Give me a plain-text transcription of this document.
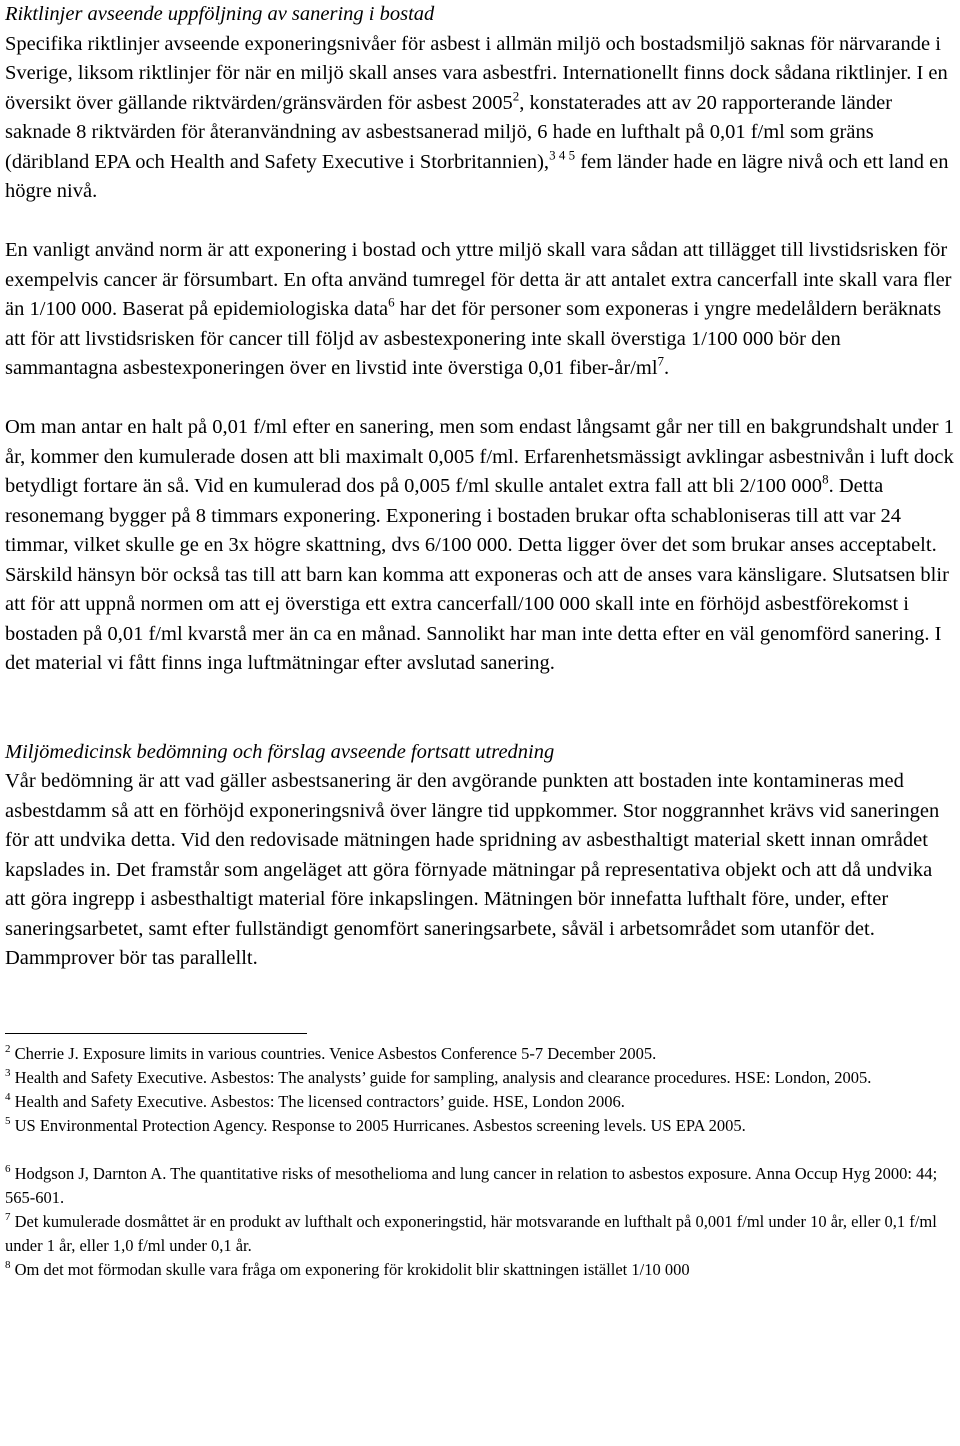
Riktlinjer avseende uppföljning av sanering i bostad

Specifika riktlinjer avseende exponeringsnivåer för asbest i allmän miljö och bostadsmiljö saknas för närvarande i Sverige, liksom riktlinjer för när en miljö skall anses vara asbestfri. Internationellt finns dock sådana riktlinjer. I en översikt över gällande riktvärden/gränsvärden för asbest 2005$^2$, konstaterades att av 20 rapporterande länder saknade 8 riktvärden för återanvändning av asbestsanerad miljö, 6 hade en lufthalt på 0,01 f/ml som gräns (däribland EPA och Health and Safety Executive i Storbritannien),$^{3 4 5}$ fem länder hade en lägre nivå och ett land en högre nivå.

En vanligt använd norm är att exponering i bostad och yttre miljö skall vara sådan att tillägget till livstidsrisken för exempelvis cancer är försumbart. En ofta använd tumregel för detta är att antalet extra cancerfall inte skall vara fler än 1/100 000. Baserat på epidemiologiska data$^6$ har det för personer som exponeras i yngre medelåldern beräknats att för att livstidsrisken för cancer till följd av asbestexponering inte skall överstiga 1/100 000 bör den sammantagna asbestexponeringen över en livstid inte överstiga 0,01 fiber-$år/ml^7$.

Om man antar en halt på 0,01 f/ml efter en sanering, men som endast långsamt går ner till en bakgrundshalt under 1 år, kommer den kumulerade dosen att bli maximalt 0,005 f/ml. Erfarenhetsmässigt avklingar asbestnivån i luft dock betydligt fortare än så. Vid en kumulerad dos på 0,005 f/ml skulle antalet extra fall att bli 2/100 $000^8$. Detta resonemang bygger på 8 timmars exponering. Exponering i bostaden brukar ofta schabloniseras till att var 24 timmar, vilket skulle ge en 3x högre skattning, dvs 6/100 000. Detta ligger över det som brukar anses acceptabelt. Särskild hänsyn bör också tas till att barn kan komma att exponeras och att de anses vara känsligare. Slutsatsen blir att för att uppnå normen om att ej överstiga ett extra cancerfall/100 000 skall inte en förhöjd asbestförekomst i bostaden på 0,01 f/ml kvarstå mer än ca en månad. Sannolikt har man inte detta efter en väl genomförd sanering. I det material vi fått finns inga luftmätningar efter avslutad sanering.

Miljömedicinsk bedömning och förslag avseende fortsatt utredning

Vår bedömning är att vad gäller asbestsanering är den avgörande punkten att bostaden inte kontamineras med asbestdamm så att en förhöjd exponeringsnivå över längre tid uppkommer. Stor noggrannhet krävs vid saneringen för att undvika detta. Vid den redovisade mätningen hade spridning av asbesthaltigt material skett innan området kapslades in. Det framstår som angeläget att göra förnyade mätningar på representativa objekt och att då undvika att göra ingrepp i asbesthaltigt material före inkapslingen. Mätningen bör innefatta lufthalt före, under, efter saneringsarbetet, samt efter fullständigt genomfört saneringsarbete, såväl i arbetsområdet som utanför det. Dammprover bör tas parallellt.

$^2$ Cherrie J. Exposure limits in various countries. Venice Asbestos Conference 5-7 December 2005.

$^3$ Health and Safety Executive. Asbestos: The analysts’ guide for sampling, analysis and clearance procedures. HSE: London, 2005.

$^4$ Health and Safety Executive. Asbestos: The licensed contractors’ guide. HSE, London 2006.

$^5$ US Environmental Protection Agency. Response to 2005 Hurricanes. Asbestos screening levels. US EPA 2005.

$^6$ Hodgson J, Darnton A. The quantitative risks of mesothelioma and lung cancer in relation to asbestos exposure. Anna Occup Hyg 2000: 44; 565-601.

$^7$ Det kumulerade dosmåttet är en produkt av lufthalt och exponeringstid, här motsvarande en lufthalt på 0,001 f/ml under 10 år, eller 0,1 f/ml under 1 år, eller 1,0 f/ml under 0,1 år.

$^8$ Om det mot förmodan skulle vara fråga om exponering för krokidolit blir skattningen istället 1/10 000
